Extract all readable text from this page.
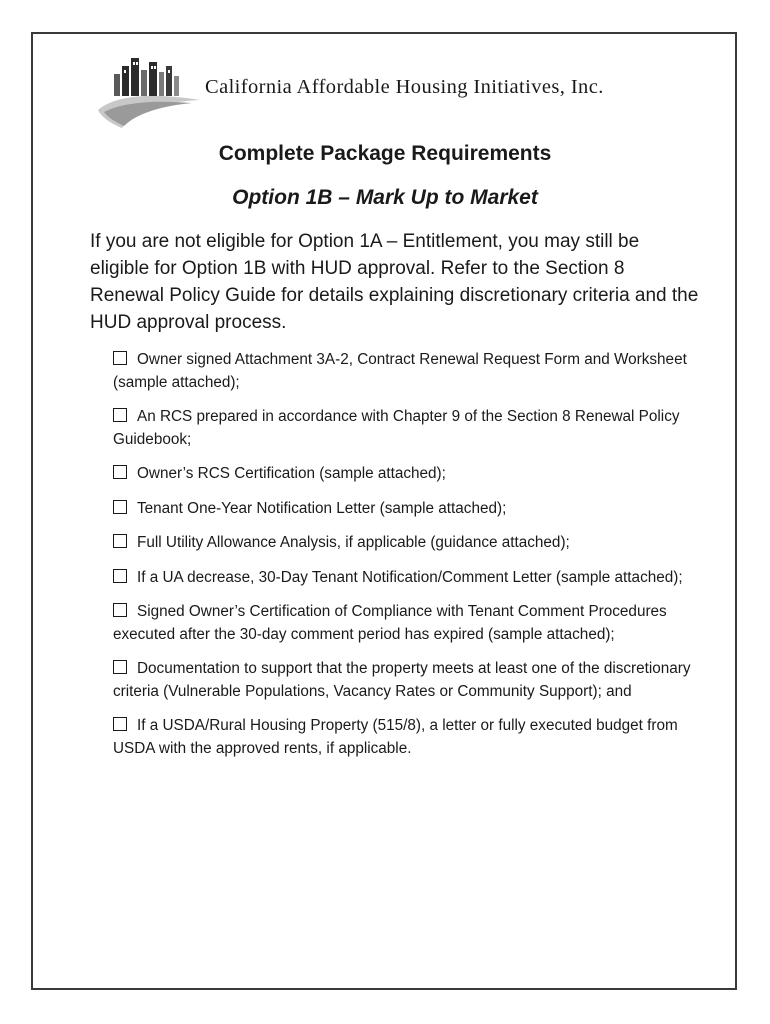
California Affordable Housing Initiatives, Inc.
Complete Package Requirements
Option 1B – Mark Up to Market

If you are not eligible for Option 1A – Entitlement, you may still be eligible for Option 1B with HUD approval. Refer to the Section 8 Renewal Policy Guide for details explaining discretionary criteria and the HUD approval process.

Owner signed Attachment 3A-2, Contract Renewal Request Form and Worksheet (sample attached);
An RCS prepared in accordance with Chapter 9 of the Section 8 Renewal Policy Guidebook;
Owner’s RCS Certification (sample attached);
Tenant One-Year Notification Letter (sample attached);
Full Utility Allowance Analysis, if applicable (guidance attached);
If a UA decrease, 30-Day Tenant Notification/Comment Letter (sample attached);
Signed Owner’s Certification of Compliance with Tenant Comment Procedures executed after the 30-day comment period has expired (sample attached);
Documentation to support that the property meets at least one of the discretionary criteria (Vulnerable Populations, Vacancy Rates or Community Support); and
If a USDA/Rural Housing Property (515/8), a letter or fully executed budget from USDA with the approved rents, if applicable.
